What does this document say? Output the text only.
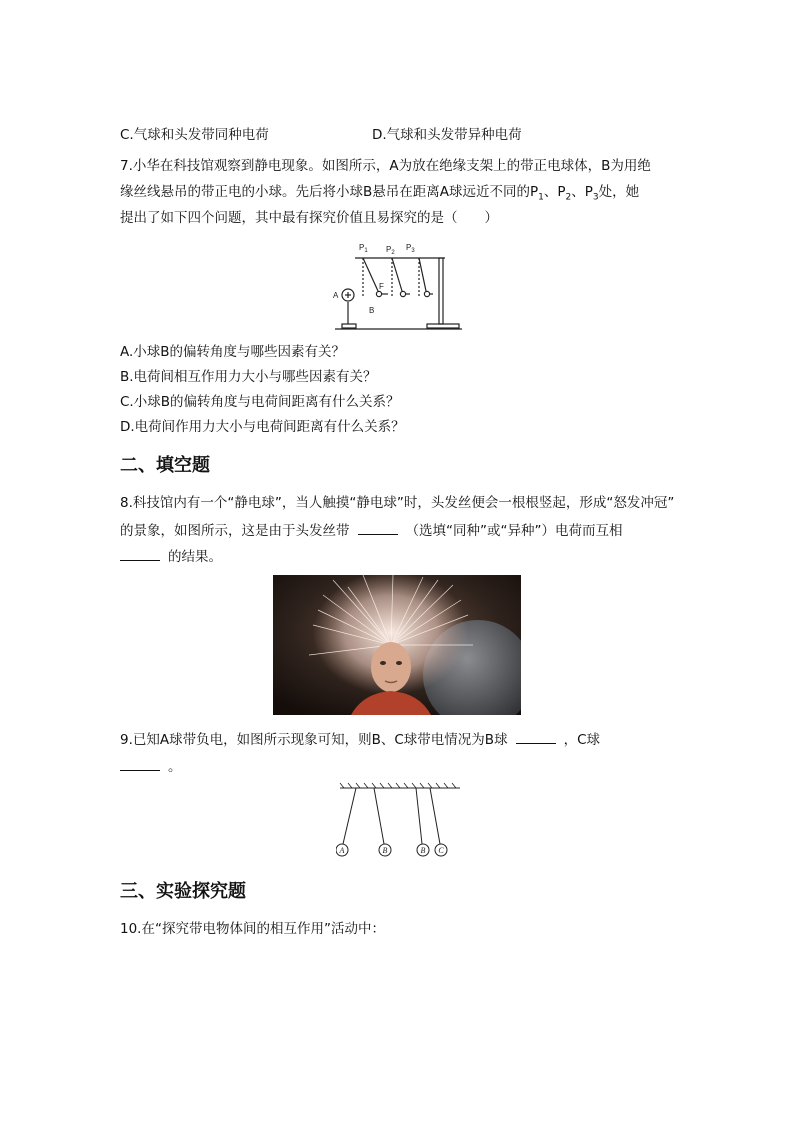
C.气球和头发带同种电荷	D.气球和头发带异种电荷
7.小华在科技馆观察到静电现象。如图所示，A为放在绝缘支架上的带正电球体，B为用绝
缘丝线悬吊的带正电的小球。先后将小球B悬吊在距离A球远近不同的$P_1$、$P_2$、$P_3$处，她
提出了如下四个问题，其中最有探究价值且易探究的是（　　）
$P_1$ $P_2$
$P_3$
A
B
F
A.小球B的偏转角度与哪些因素有关？
B.电荷间相互作用力大小与哪些因素有关？
C.小球B的偏转角度与电荷间距离有什么关系？
D.电荷间作用力大小与电荷间距离有什么关系？
二、填空题
8.科技馆内有一个“静电球”，当人触摸“静电球”时，头发丝便会一根根竖起，形成“怒发冲冠”
的景象，如图所示，这是由于头发丝带	（选填“同种”或“异种”）电荷而互相
的结果。
9.已知A球带负电，如图所示现象可知，则B、C球带电情况为B球	，C球
。
A	B	B C
三、实验探究题
10.在“探究带电物体间的相互作用”活动中：
